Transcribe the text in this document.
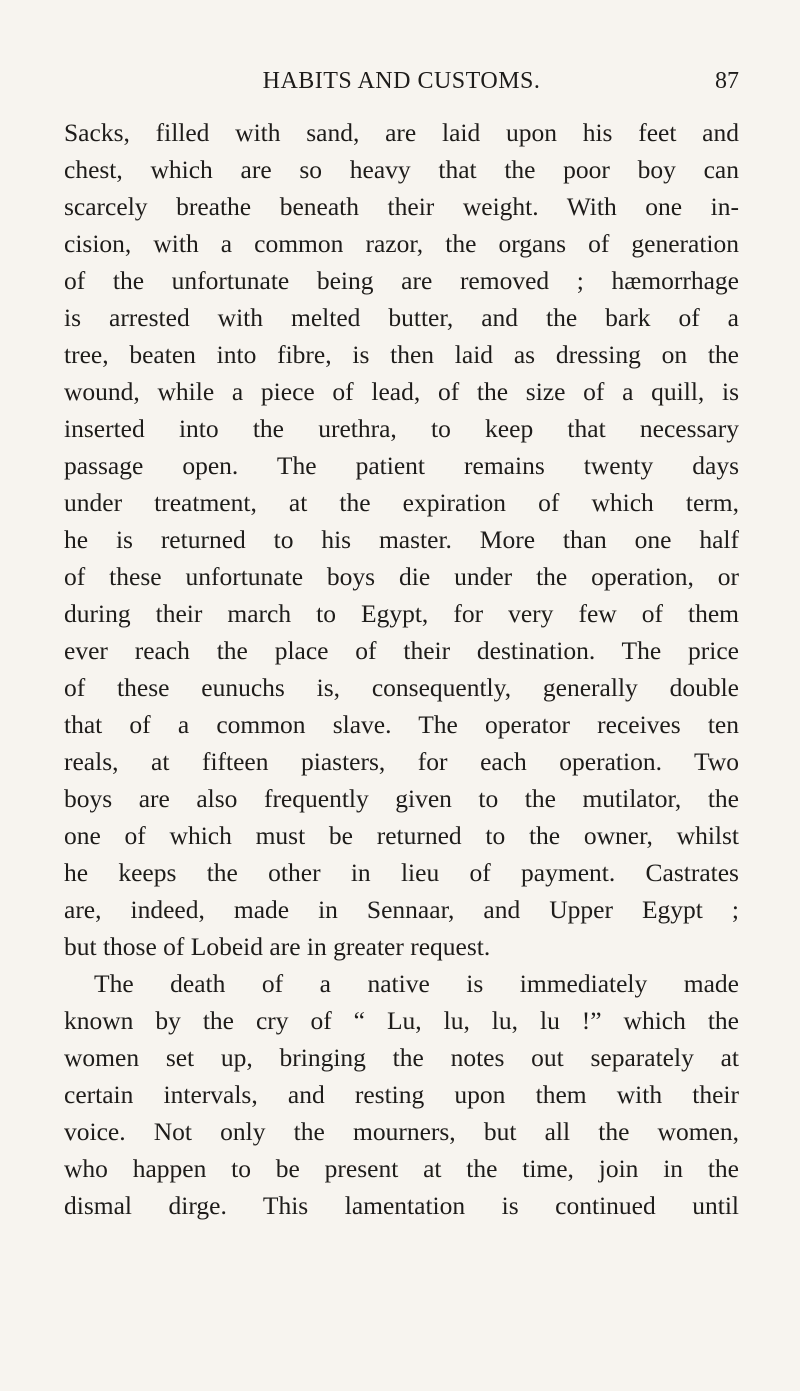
HABITS AND CUSTOMS.	87

Sacks, filled with sand, are laid upon his feet and
chest, which are so heavy that the poor boy can
scarcely breathe beneath their weight. With one in-
cision, with a common razor, the organs of generation
of the unfortunate being are removed ; hæmorrhage
is arrested with melted butter, and the bark of a
tree, beaten into fibre, is then laid as dressing on the
wound, while a piece of lead, of the size of a quill, is
inserted into the urethra, to keep that necessary
passage open. The patient remains twenty days
under treatment, at the expiration of which term,
he is returned to his master. More than one half
of these unfortunate boys die under the operation, or
during their march to Egypt, for very few of them
ever reach the place of their destination. The price
of these eunuchs is, consequently, generally double
that of a common slave. The operator receives ten
reals, at fifteen piasters, for each operation. Two
boys are also frequently given to the mutilator, the
one of which must be returned to the owner, whilst
he keeps the other in lieu of payment. Castrates
are, indeed, made in Sennaar, and Upper Egypt ;
but those of Lobeid are in greater request.

The death of a native is immediately made
known by the cry of “ Lu, lu, lu, lu !” which the
women set up, bringing the notes out separately at
certain intervals, and resting upon them with their
voice. Not only the mourners, but all the women,
who happen to be present at the time, join in the
dismal dirge. This lamentation is continued until
